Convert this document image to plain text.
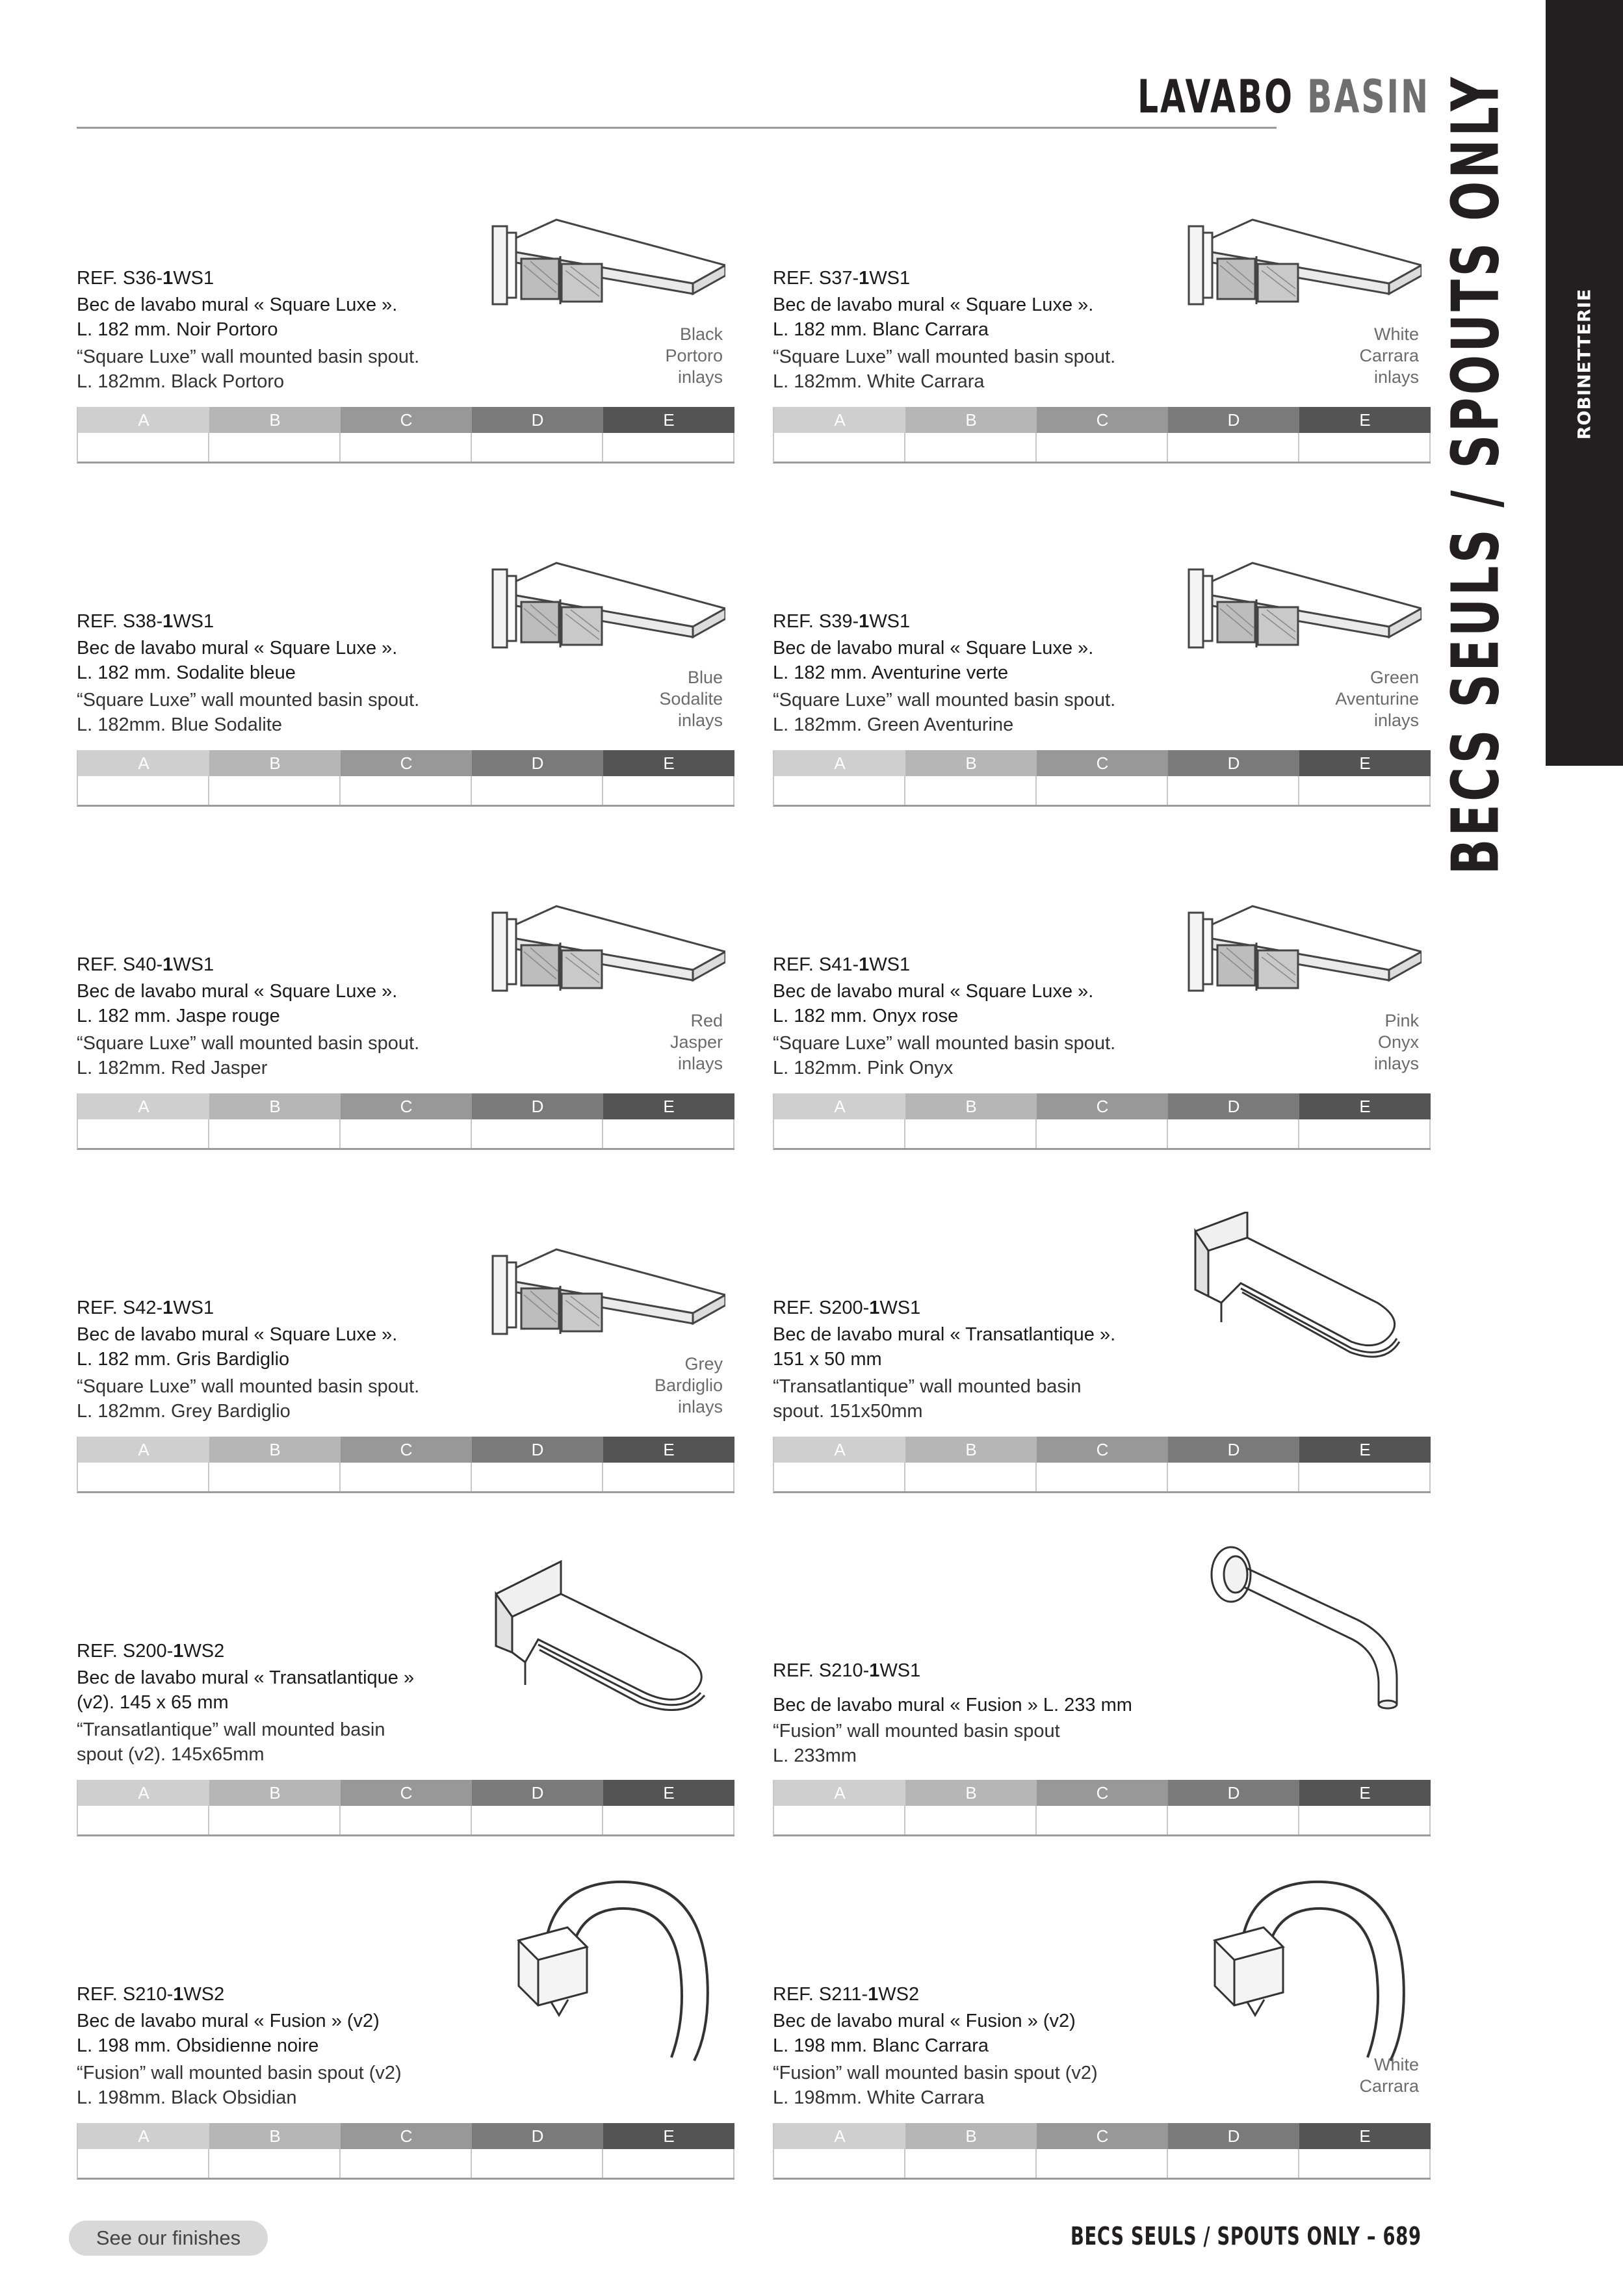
ROBINETTERIE
LAVABO BASIN BECS SEULS / SPOUTS ONLY
REF. S36-1WS1
Bec de lavabo mural « Square Luxe ».
L. 182 mm. Noir Portoro
“Square Luxe” wall mounted basin spout.
L. 182mm. Black Portoro
Black
Portoro
inlays
A	B	C	D	E
REF. S37-1WS1
Bec de lavabo mural « Square Luxe ».
L. 182 mm. Blanc Carrara
“Square Luxe” wall mounted basin spout.
L. 182mm. White Carrara
White
Carrara
inlays
A	B	C	D	E
REF. S38-1WS1
Bec de lavabo mural « Square Luxe ».
L. 182 mm. Sodalite bleue
“Square Luxe” wall mounted basin spout.
L. 182mm. Blue Sodalite
Blue
Sodalite
inlays
A	B	C	D	E
REF. S39-1WS1
Bec de lavabo mural « Square Luxe ».
L. 182 mm. Aventurine verte
“Square Luxe” wall mounted basin spout.
L. 182mm. Green Aventurine
Green
Aventurine
inlays
A	B	C	D	E
REF. S40-1WS1
Bec de lavabo mural « Square Luxe ».
L. 182 mm. Jaspe rouge
“Square Luxe” wall mounted basin spout.
L. 182mm. Red Jasper
Red
Jasper
inlays
A	B	C	D	E
REF. S41-1WS1
Bec de lavabo mural « Square Luxe ».
L. 182 mm. Onyx rose
“Square Luxe” wall mounted basin spout.
L. 182mm. Pink Onyx
Pink
Onyx
inlays
A	B	C	D	E
REF. S42-1WS1
Bec de lavabo mural « Square Luxe ».
L. 182 mm. Gris Bardiglio
“Square Luxe” wall mounted basin spout.
L. 182mm. Grey Bardiglio
Grey
Bardiglio
inlays
A	B	C	D	E
REF. S200-1WS1
Bec de lavabo mural « Transatlantique ».
151 x 50 mm
“Transatlantique” wall mounted basin
spout. 151x50mm
A	B	C	D	E
REF. S200-1WS2
Bec de lavabo mural « Transatlantique »
(v2). 145 x 65 mm
“Transatlantique” wall mounted basin
spout (v2). 145x65mm
A	B	C	D	E
REF. S210-1WS1
Bec de lavabo mural « Fusion » L. 233 mm
“Fusion” wall mounted basin spout
L. 233mm
A	B	C	D	E
REF. S210-1WS2
Bec de lavabo mural « Fusion » (v2)
L. 198 mm. Obsidienne noire
“Fusion” wall mounted basin spout (v2)
L. 198mm. Black Obsidian
A	B	C	D	E
REF. S211-1WS2
Bec de lavabo mural « Fusion » (v2)
L. 198 mm. Blanc Carrara
“Fusion” wall mounted basin spout (v2)
L. 198mm. White Carrara
White
Carrara
A	B	C	D	E
See our finishes	BECS SEULS / SPOUTS ONLY – 689
